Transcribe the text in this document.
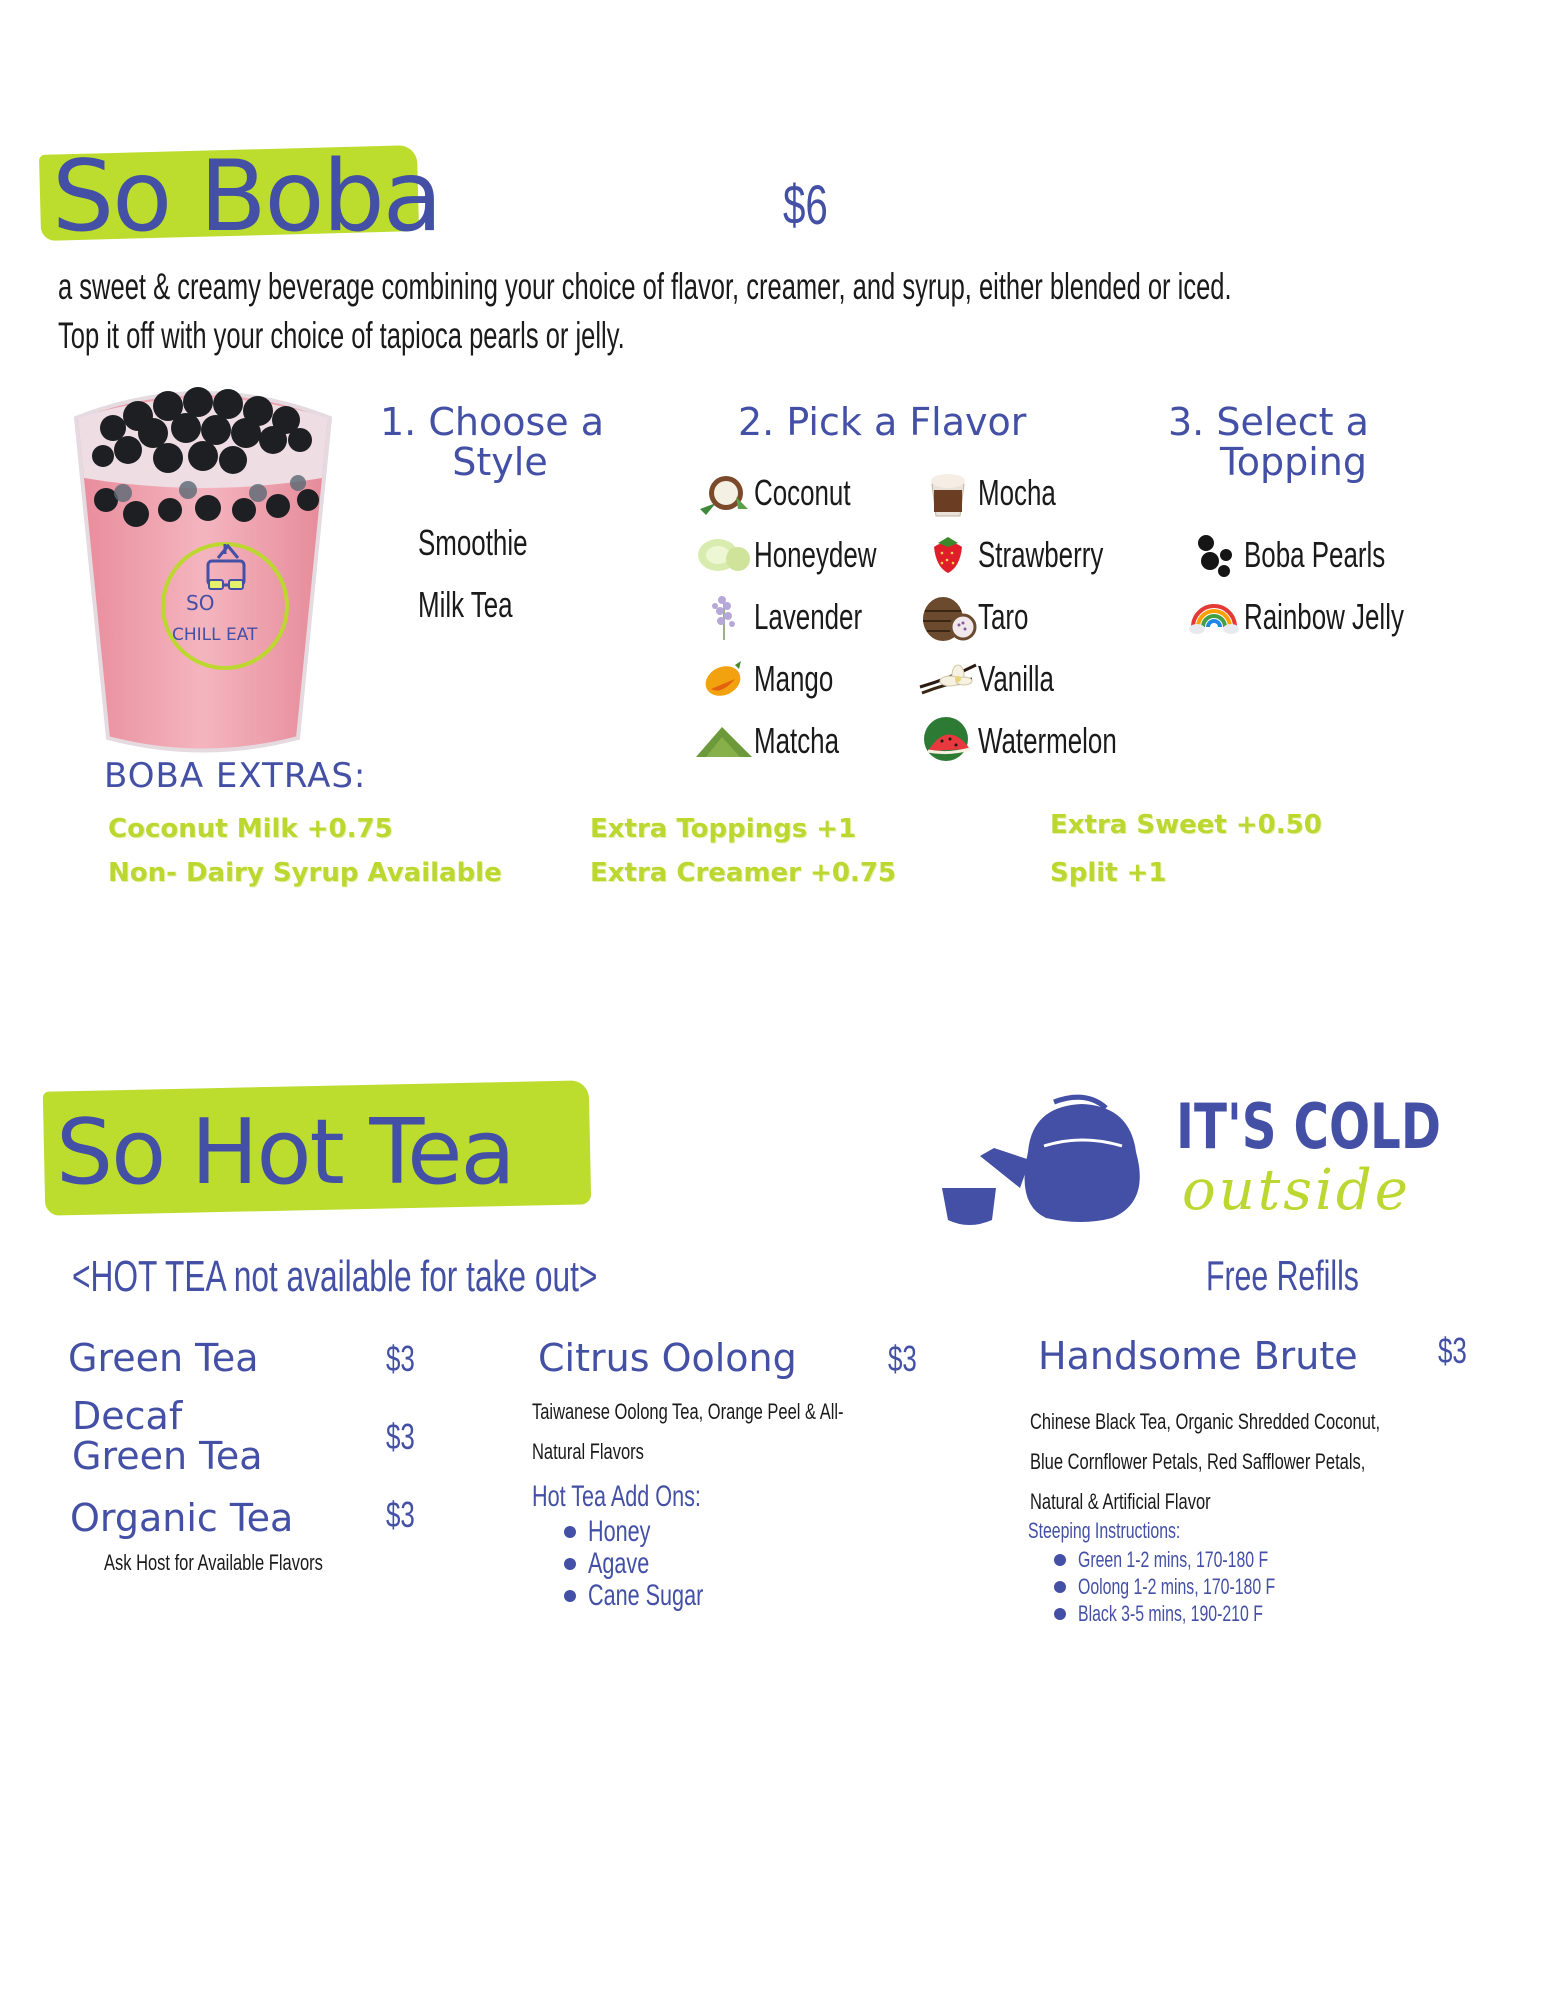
So Boba	$6
a sweet & creamy beverage combining your choice of flavor, creamer, and syrup, either blended or iced.
Top it off with your choice of tapioca pearls or jelly.
SO
CHILL EAT
1. Choose a
Style
Smoothie
Milk Tea
2. Pick a Flavor
Coconut
Honeydew
Lavender
Mango
Matcha
Mocha
Strawberry
Taro
Vanilla
Watermelon
3. Select a
Topping
Boba Pearls
Rainbow Jelly
BOBA EXTRAS:
Coconut Milk +0.75
Non- Dairy Syrup Available
Extra Toppings +1
Extra Creamer +0.75
Extra Sweet +0.50
Split +1
So Hot Tea
<HOT TEA not available for take out>
IT'S COLD
outside
Free Refills
Green Tea	$3
Decaf
Green Tea	$3
Organic Tea	$3
Ask Host for Available Flavors
Citrus Oolong	$3
Taiwanese Oolong Tea, Orange Peel & All-
Natural Flavors
Hot Tea Add Ons:
Honey
Agave
Cane Sugar
Handsome Brute $3
Chinese Black Tea, Organic Shredded Coconut,
Blue Cornflower Petals, Red Safflower Petals,
Natural & Artificial Flavor
Steeping Instructions:
Green 1-2 mins, 170-180 F
Oolong 1-2 mins, 170-180 F
Black 3-5 mins, 190-210 F
